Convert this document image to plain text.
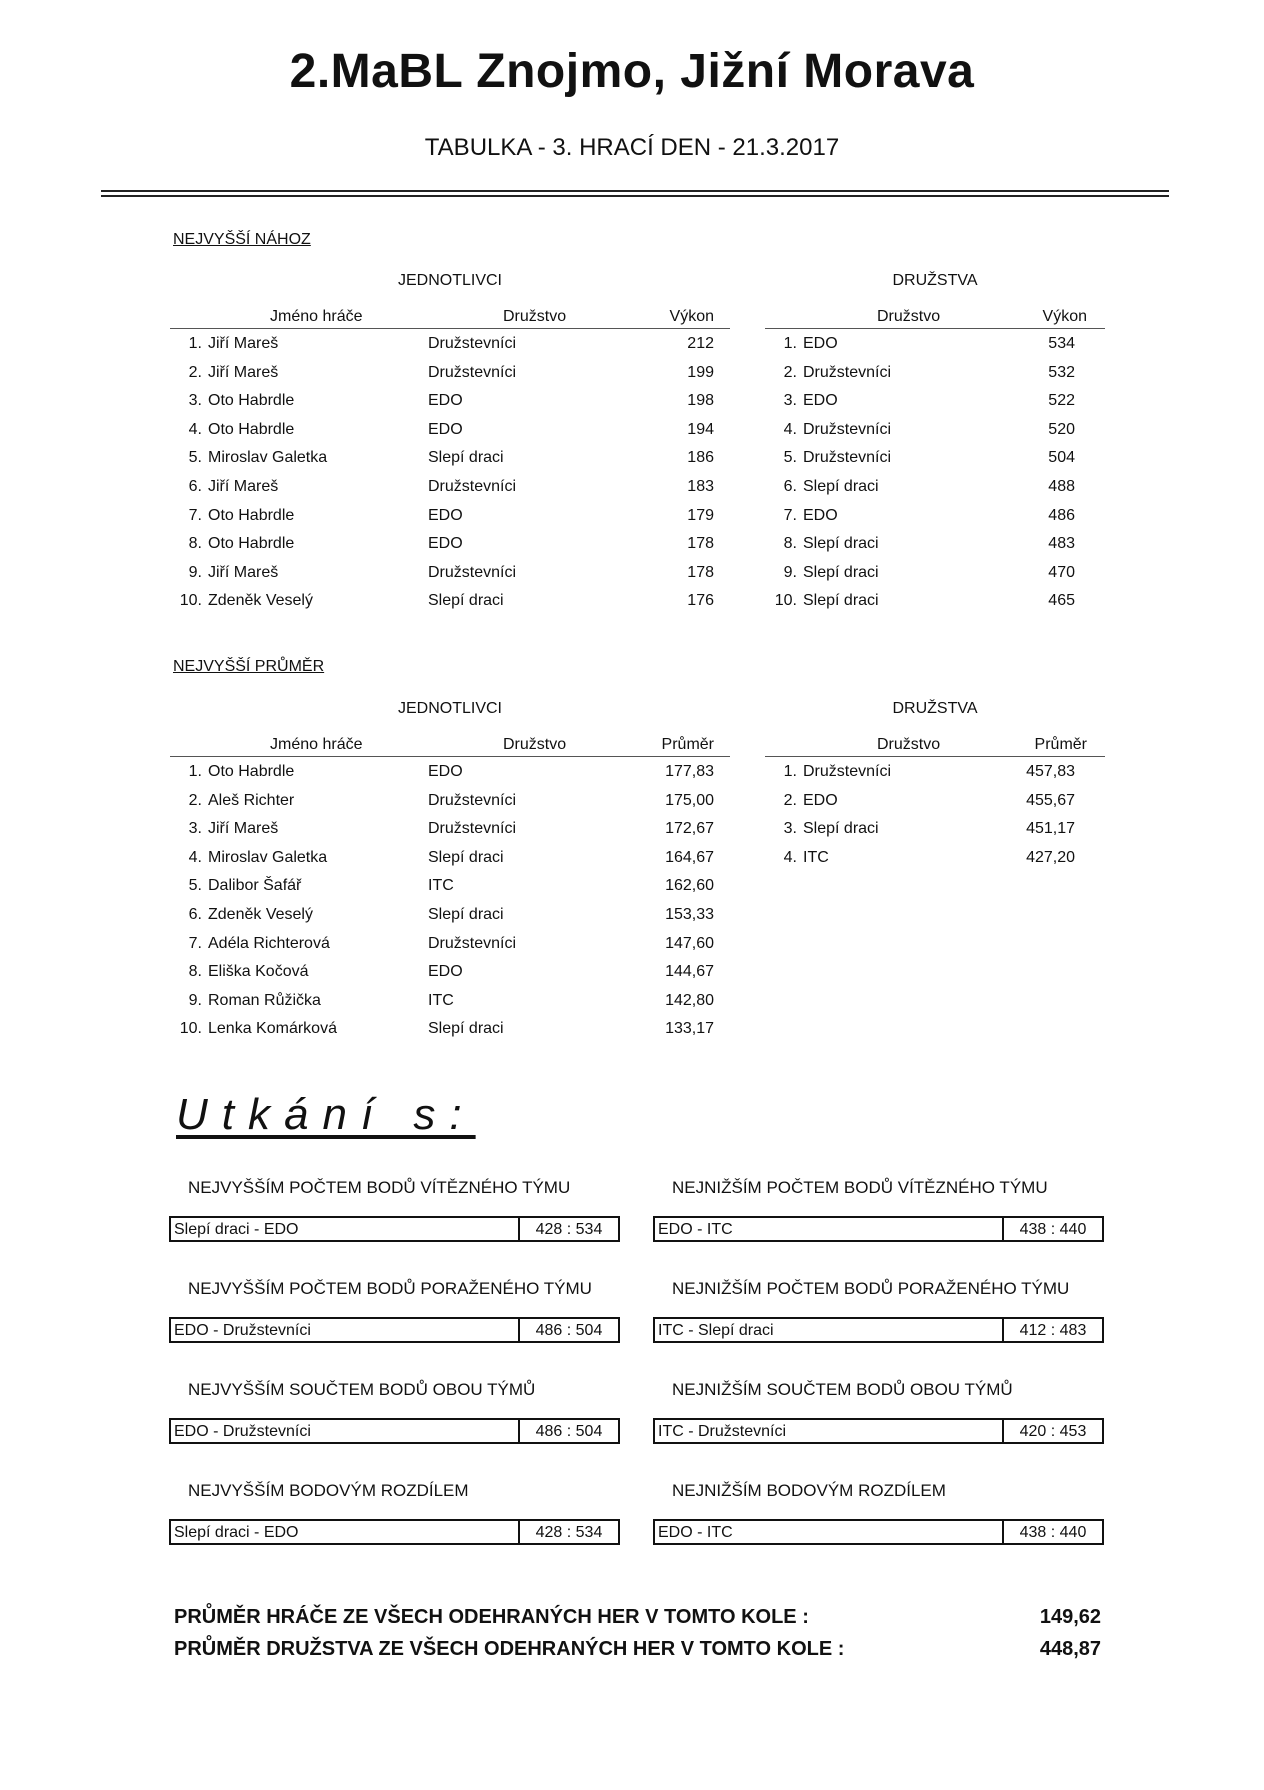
2.MaBL Znojmo, Jižní Morava
TABULKA - 3. HRACÍ DEN - 21.3.2017
NEJVYŠŠÍ NÁHOZ
JEDNOTLIVCI	DRUŽSTVA
Jméno hráče	Družstvo	Výkon
1. Jiří Mareš	Družstevníci	212
2. Jiří Mareš	Družstevníci	199
3. Oto Habrdle	EDO	198
4. Oto Habrdle	EDO	194
5. Miroslav Galetka	Slepí draci	186
6. Jiří Mareš	Družstevníci	183
7. Oto Habrdle	EDO	179
8. Oto Habrdle	EDO	178
9. Jiří Mareš	Družstevníci	178
10. Zdeněk Veselý	Slepí draci	176
Družstvo	Výkon
1. EDO	534
2. Družstevníci	532
3. EDO	522
4. Družstevníci	520
5. Družstevníci	504
6. Slepí draci	488
7. EDO	486
8. Slepí draci	483
9. Slepí draci	470
10. Slepí draci	465
NEJVYŠŠÍ PRŮMĚR
JEDNOTLIVCI	DRUŽSTVA
Jméno hráče	Družstvo	Průměr
1. Oto Habrdle	EDO	177,83
2. Aleš Richter	Družstevníci	175,00
3. Jiří Mareš	Družstevníci	172,67
4. Miroslav Galetka	Slepí draci	164,67
5. Dalibor Šafář	ITC	162,60
6. Zdeněk Veselý	Slepí draci	153,33
7. Adéla Richterová	Družstevníci	147,60
8. Eliška Kočová	EDO	144,67
9. Roman Růžička	ITC	142,80
10. Lenka Komárková	Slepí draci	133,17
Družstvo	Průměr
1. Družstevníci	457,83
2. EDO	455,67
3. Slepí draci	451,17
4. ITC	427,20
Utkání s:
NEJVYŠŠÍM POČTEM BODŮ VÍTĚZNÉHO TÝMU
Slepí draci - EDO	428 : 534
NEJNIŽŠÍM POČTEM BODŮ VÍTĚZNÉHO TÝMU
EDO - ITC	438 : 440
NEJVYŠŠÍM POČTEM BODŮ PORAŽENÉHO TÝMU
EDO - Družstevníci	486 : 504
NEJNIŽŠÍM POČTEM BODŮ PORAŽENÉHO TÝMU
ITC - Slepí draci	412 : 483
NEJVYŠŠÍM SOUČTEM BODŮ OBOU TÝMŮ
EDO - Družstevníci	486 : 504
NEJNIŽŠÍM SOUČTEM BODŮ OBOU TÝMŮ
ITC - Družstevníci	420 : 453
NEJVYŠŠÍM BODOVÝM ROZDÍLEM
Slepí draci - EDO	428 : 534
NEJNIŽŠÍM BODOVÝM ROZDÍLEM
EDO - ITC	438 : 440
PRŮMĚR HRÁČE ZE VŠECH ODEHRANÝCH HER V TOMTO KOLE :	149,62
PRŮMĚR DRUŽSTVA ZE VŠECH ODEHRANÝCH HER V TOMTO KOLE :	448,87
